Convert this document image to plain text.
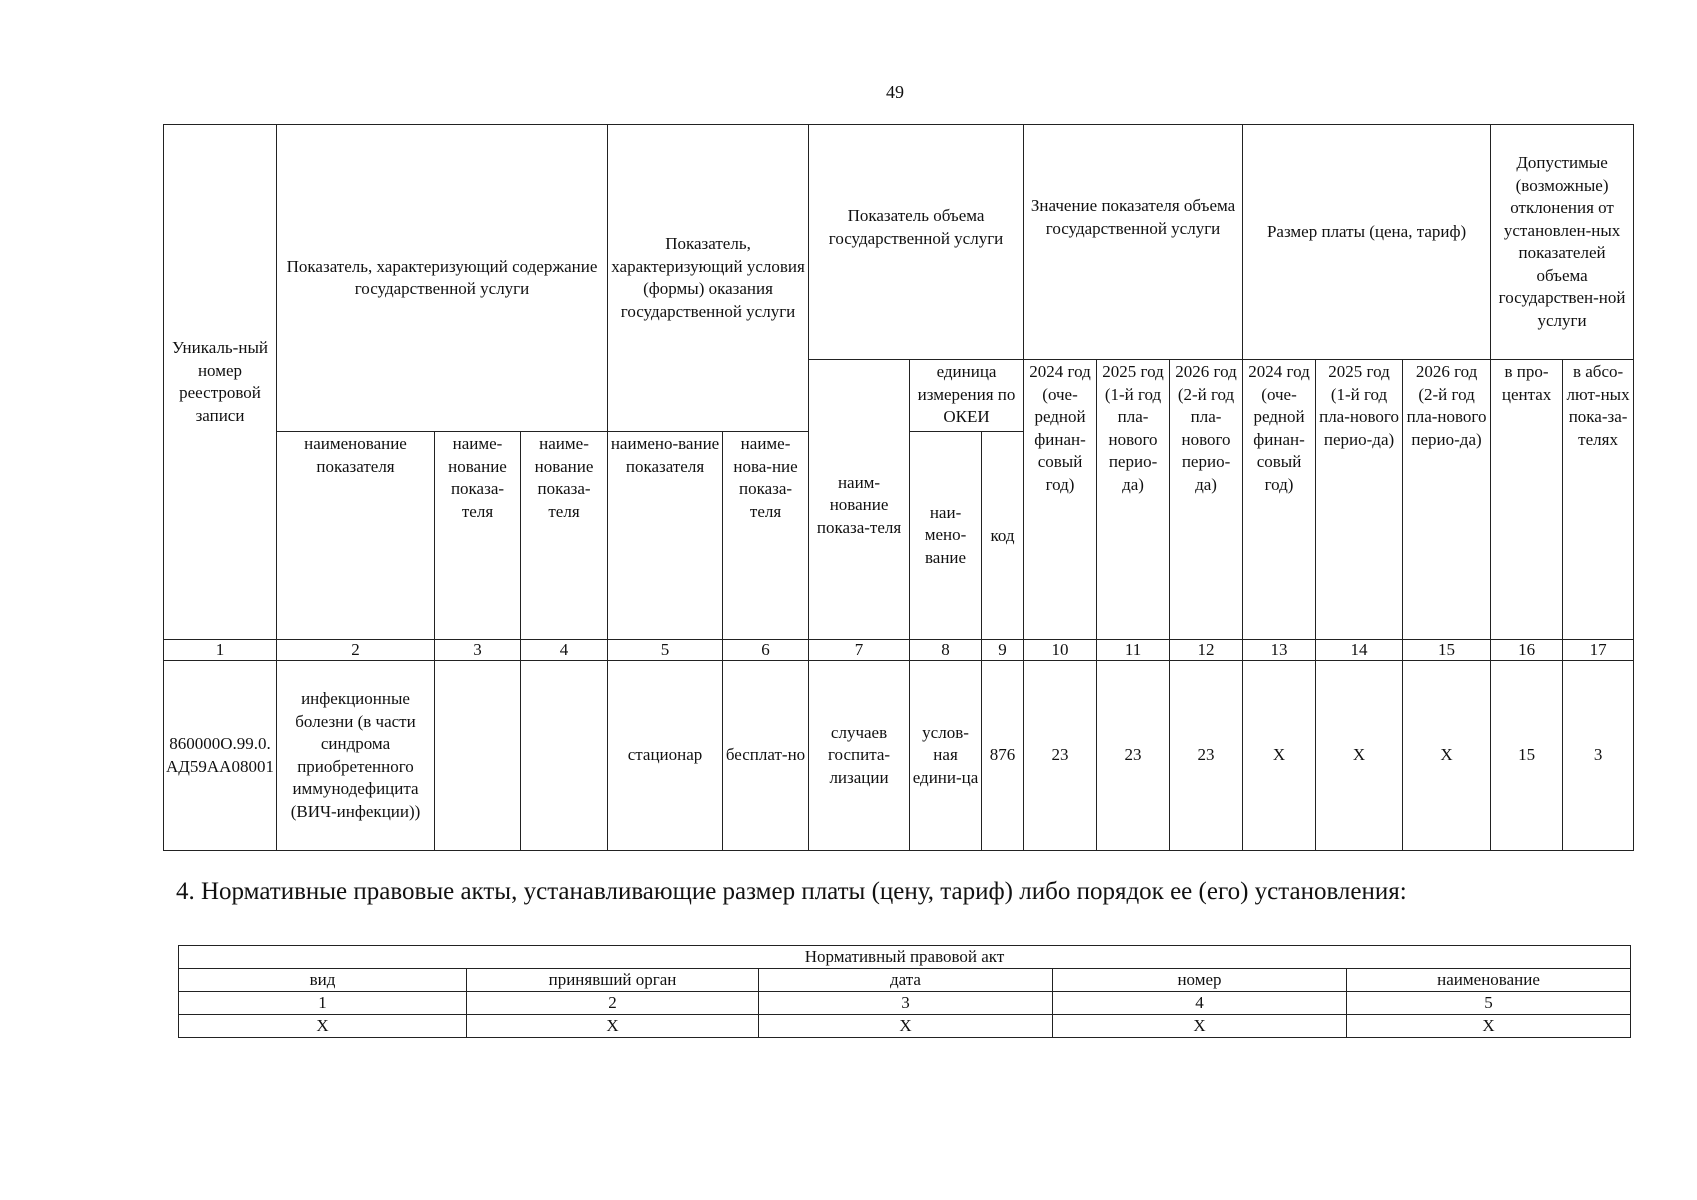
49
Уникаль-ный номер реестровой записи	Показатель, характеризующий содержание государственной услуги			Показатель, характеризующий условия (формы) оказания государственной услуги		Показатель объема государственной услуги			Значение показателя объема государственной услуги			Размер платы (цена, тариф)			Допустимые (возможные) отклонения от установлен-ных показателей объема государствен-ной услуги	
						наим-нование показа-теля	единица измерения по ОКЕИ		2024 год (оче-редной финан-совый год)	2025 год (1-й год пла-нового перио-да)	2026 год (2-й год пла-нового перио-да)	2024 год (оче-редной финан-совый год)	2025 год (1-й год пла-нового перио-да)	2026 год (2-й год пла-нового перио-да)	в про-центах	в абсо-лют-ных пока-за-телях
	наименование показателя	наиме-нование показа-теля	наиме-нование показа-теля	наимено-вание показателя	наиме-нова-ние показа-теля		наи-мено-вание	код								

1	2	3	4	5	6	7	8	9	10	11	12	13	14	15	16	17
860000О.99.0.АД59АА08001	инфекционные болезни (в части синдрома приобретенного иммунодефицита (ВИЧ-инфекции))			стационар	бесплат-но	случаев госпита-лизации	услов-ная едини-ца	876	23	23	23	Х	Х	Х	15	3
4. Нормативные правовые акты, устанавливающие размер платы (цену, тариф) либо порядок ее (его) установления:
Нормативный правовой акт				
вид	принявший орган	дата	номер	наименование
1	2	3	4	5
Х	Х	Х	Х	Х
